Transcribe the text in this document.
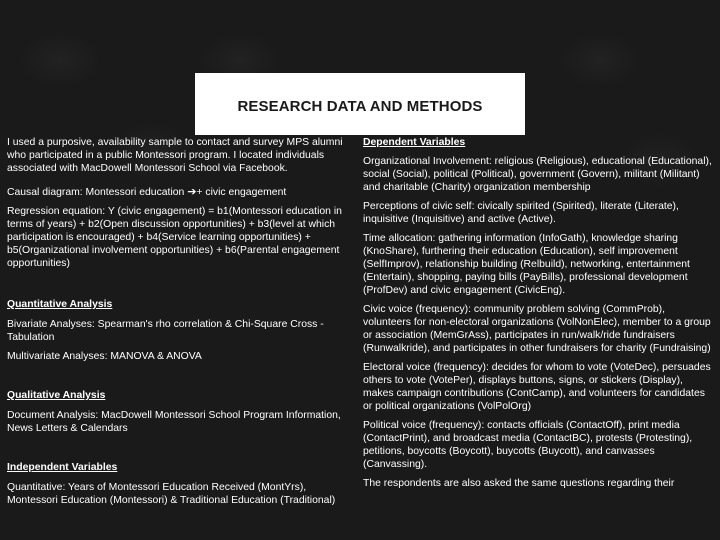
RESEARCH DATA AND METHODS

I used a purposive, availability sample to contact and survey MPS alumni who participated in a public Montessori program. I located individuals associated with MacDowell Montessori School via Facebook.

Causal diagram: Montessori education ➔+ civic engagement

Regression equation: Y (civic engagement) = b1(Montessori education in terms of years) + b2(Open discussion opportunities) + b3(level at which participation is encouraged) + b4(Service learning opportunities) + b5(Organizational involvement opportunities) + b6(Parental engagement opportunities)

Quantitative Analysis

Bivariate Analyses: Spearman's rho correlation & Chi-Square Cross -Tabulation

Multivariate Analyses: MANOVA & ANOVA

Qualitative Analysis

Document Analysis: MacDowell Montessori School Program Information, News Letters & Calendars

Independent Variables

Quantitative: Years of Montessori Education Received (MontYrs), Montessori Education (Montessori) & Traditional Education (Traditional)

Dependent Variables

Organizational Involvement: religious (Religious), educational (Educational), social (Social), political (Political), government (Govern), militant (Militant) and charitable (Charity) organization membership

Perceptions of civic self: civically spirited (Spirited), literate (Literate), inquisitive (Inquisitive) and active (Active).

Time allocation: gathering information (InfoGath), knowledge sharing (KnoShare), furthering their education (Education), self improvement (SelfImprov), relationship building (Relbuild), networking, entertainment (Entertain), shopping, paying bills (PayBills), professional development (ProfDev) and civic engagement (CivicEng).

Civic voice (frequency): community problem solving (CommProb), volunteers for non-electoral organizations (VolNonElec), member to a group or association (MemGrAss), participates in run/walk/ride fundraisers (Runwalkride), and participates in other fundraisers for charity (Fundraising)

Electoral voice (frequency): decides for whom to vote (VoteDec), persuades others to vote (VotePer), displays buttons, signs, or stickers (Display), makes campaign contributions (ContCamp), and volunteers for candidates or political organizations (VolPolOrg)

Political voice (frequency): contacts officials (ContactOff), print media (ContactPrint), and broadcast media (ContactBC), protests (Protesting), petitions, boycotts (Boycott), buycotts (Buycott), and canvasses (Canvassing).

The respondents are also asked the same questions regarding their
